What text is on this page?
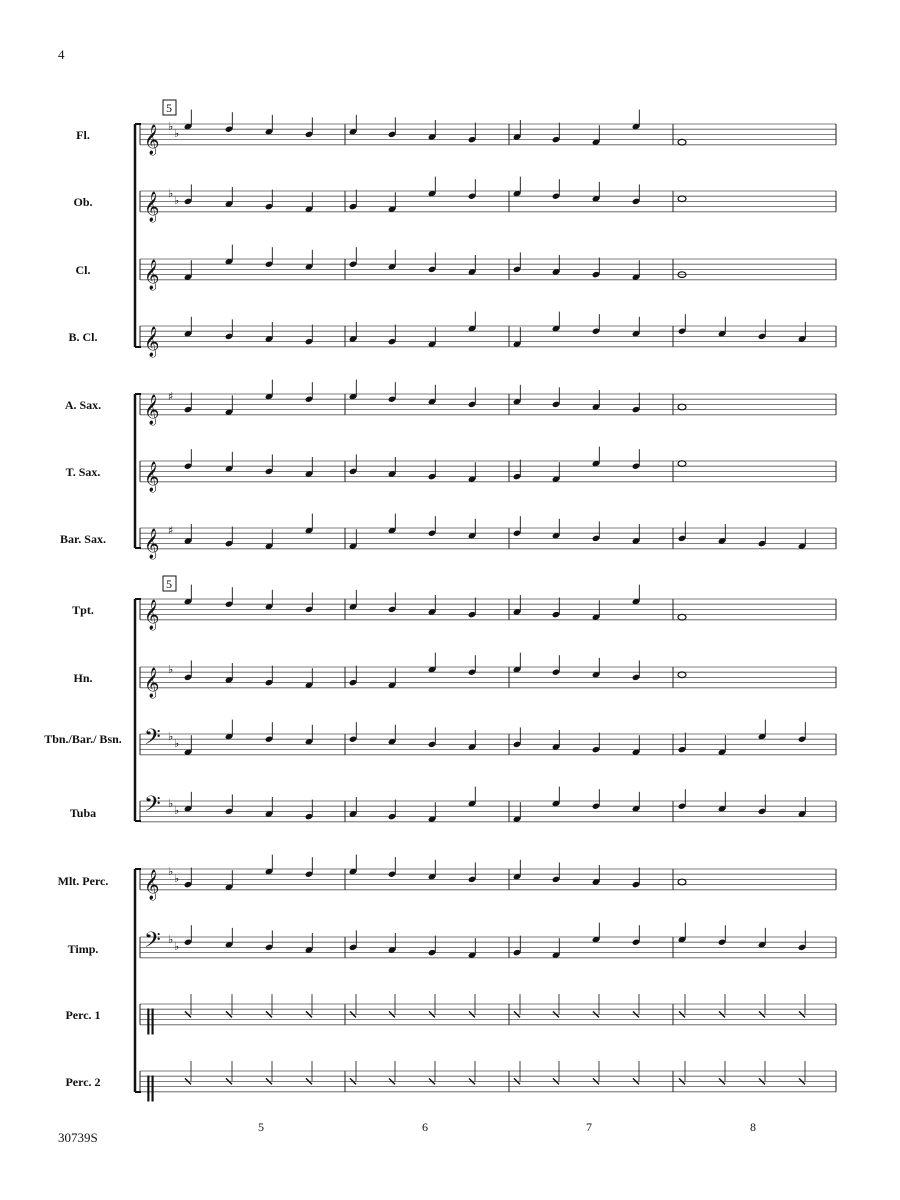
4
Fl.
Ob.
Cl.
B. Cl.
A. Sax.
T. Sax.
Bar. Sax.
Tpt.
Hn.
Tbn./Bar./ Bsn.
Tuba
Mlt. Perc.
Timp.
Perc. 1
Perc. 2
𝄞 ♭
♭
𝄞 ♭
♭
𝄞
𝄞
𝄞 ♯
𝄞
𝄞 ♯
𝄞
𝄞 ♭
𝄢 ♭
♭
𝄢 ♭
♭
𝄞 ♭
♭
𝄢 ♭
♭
‖
‖
5
5
5	6	7	8
30739S
